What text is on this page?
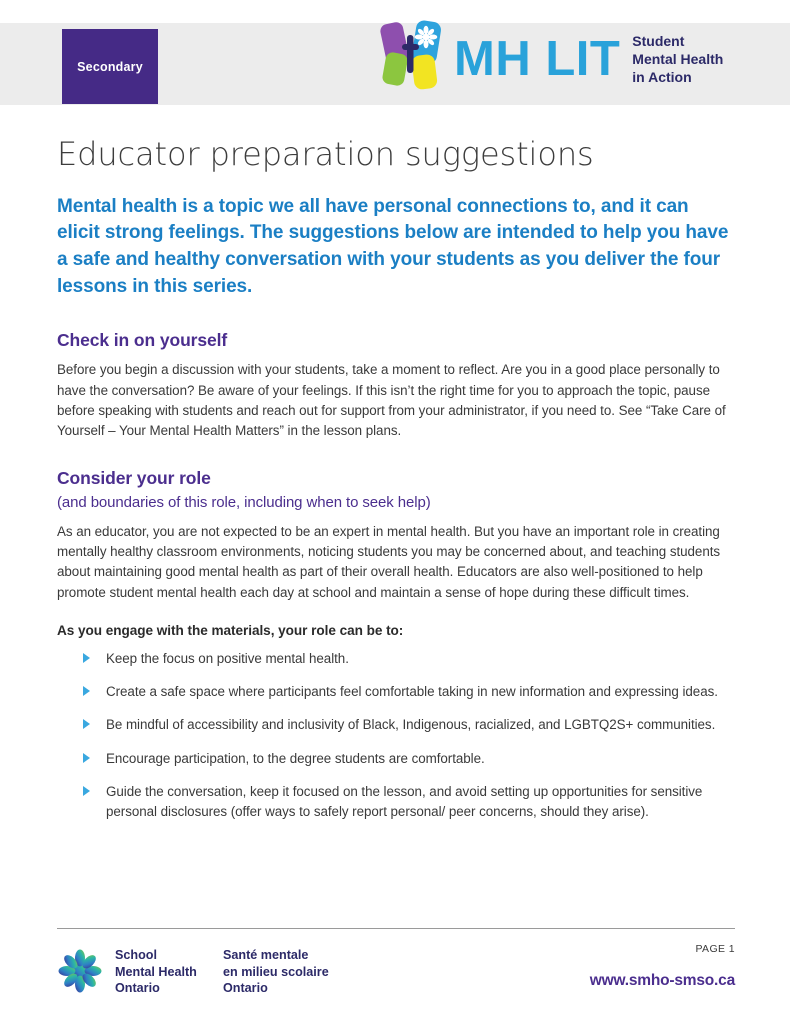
Secondary	MH LIT Student
Mental Health
in Action
Educator preparation suggestions
Mental health is a topic we all have personal connections to, and it can elicit strong feelings. The suggestions below are intended to help you have a safe and healthy conversation with your students as you deliver the four lessons in this series.
Check in on yourself

Before you begin a discussion with your students, take a moment to reflect. Are you in a good place personally to have the conversation? Be aware of your feelings. If this isn’t the right time for you to approach the topic, pause before speaking with students and reach out for support from your administrator, if you need to. See “Take Care of Yourself – Your Mental Health Matters” in the lesson plans.

Consider your role
(and boundaries of this role, including when to seek help)

As an educator, you are not expected to be an expert in mental health. But you have an important role in creating mentally healthy classroom environments, noticing students you may be concerned about, and teaching students about maintaining good mental health as part of their overall health. Educators are also well-positioned to help promote student mental health each day at school and maintain a sense of hope during these difficult times.

As you engage with the materials, your role can be to:
Keep the focus on positive mental health.
Create a safe space where participants feel comfortable taking in new information and expressing ideas.
Be mindful of accessibility and inclusivity of Black, Indigenous, racialized, and LGBTQ2S+ communities.
Encourage participation, to the degree students are comfortable.
Guide the conversation, keep it focused on the lesson, and avoid setting up opportunities for sensitive personal disclosures (offer ways to safely report personal/ peer concerns, should they arise).
School
Mental Health
Ontario
Santé mentale
en milieu scolaire
Ontario
PAGE 1
www.smho-smso.ca
